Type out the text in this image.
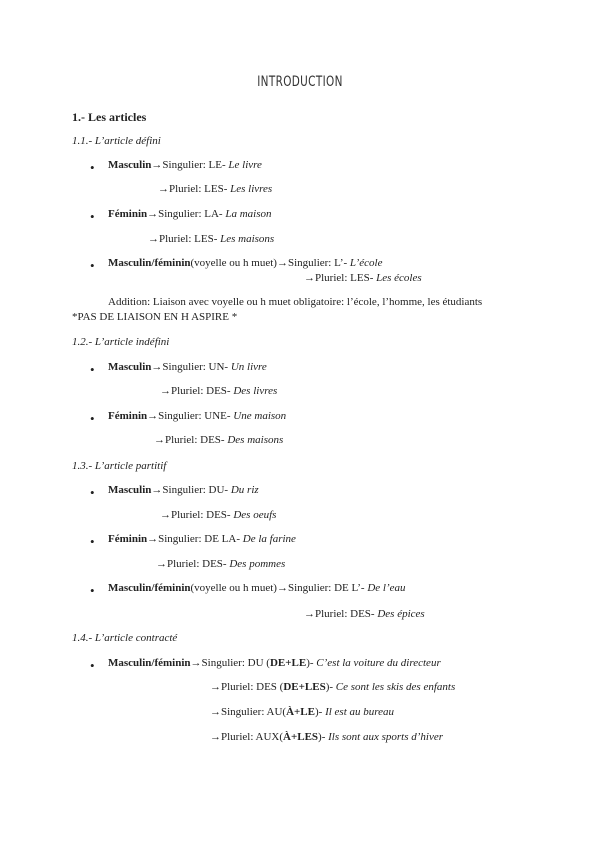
INTRODUCTION
1.- Les articles
1.1.- L’article défini
• Masculin→Singulier: LE- Le livre
→Pluriel: LES- Les livres
• Féminin→Singulier: LA- La maison
→Pluriel: LES- Les maisons
• Masculin/féminin(voyelle ou h muet)→Singulier: L’- L’école
→Pluriel: LES- Les écoles
Addition: Liaison avec voyelle ou h muet obligatoire: l’école, l’homme, les étudiants
*PAS DE LIAISON EN H ASPIRE *
1.2.- L’article indéfini
• Masculin→Singulier: UN- Un livre
→Pluriel: DES- Des livres
• Féminin→Singulier: UNE- Une maison
→Pluriel: DES- Des maisons
1.3.- L’article partitif
• Masculin→Singulier: DU- Du riz
→Pluriel: DES- Des oeufs
• Féminin→Singulier: DE LA- De la farine
→Pluriel: DES- Des pommes
• Masculin/féminin(voyelle ou h muet)→Singulier: DE L’- De l’eau
→Pluriel: DES- Des épices
1.4.- L’article contracté
• Masculin/féminin→Singulier: DU (DE+LE)- C’est la voiture du directeur
→Pluriel: DES (DE+LES)- Ce sont les skis des enfants
→Singulier: AU(À+LE)- Il est au bureau
→Pluriel: AUX(À+LES)- Ils sont aux sports d’hiver
